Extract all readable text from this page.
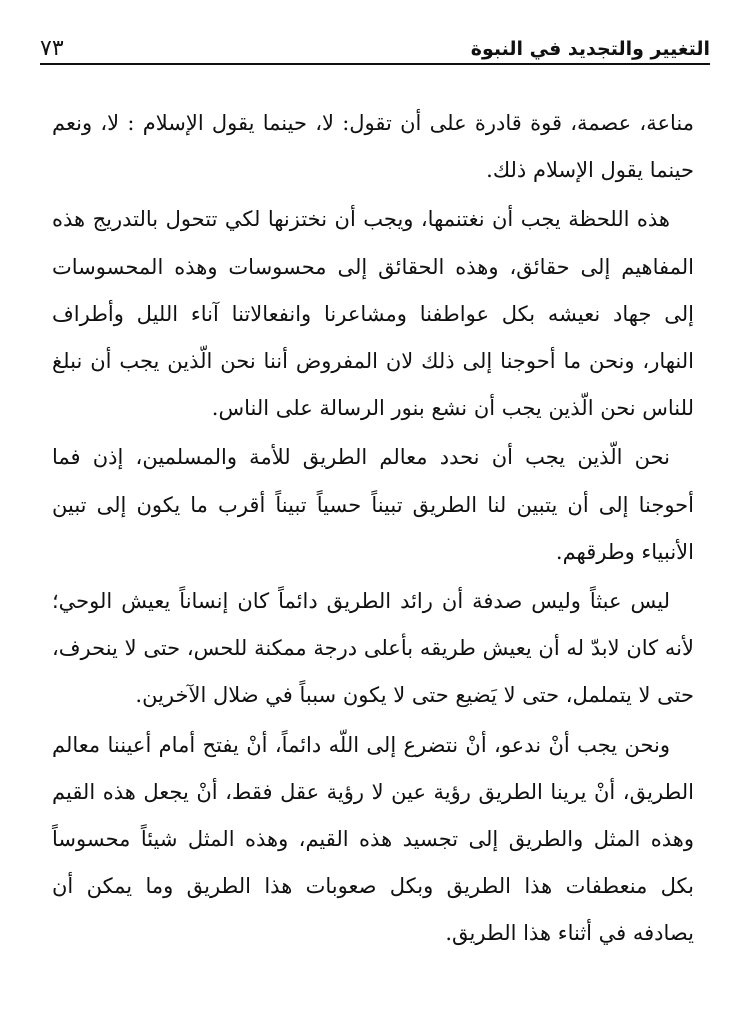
التغيير والتجديد في النبوة
٧٣

مناعة، عصمة، قوة قادرة على أن تقول: لا، حينما يقول الإسلام : لا، ونعم حينما يقول الإسلام ذلك.

هذه اللحظة يجب أن نغتنمها، ويجب أن نختزنها لكي تتحول بالتدريج هذه المفاهيم إلى حقائق، وهذه الحقائق إلى محسوسات وهذه المحسوسات إلى جهاد نعيشه بكل عواطفنا ومشاعرنا وانفعالاتنا آناء الليل وأطراف النهار، ونحن ما أحوجنا إلى ذلك لان المفروض أننا نحن الّذين يجب أن نبلغ للناس نحن الّذين يجب أن نشع بنور الرسالة على الناس.

نحن الّذين يجب أن نحدد معالم الطريق للأمة والمسلمين، إذن فما أحوجنا إلى أن يتبين لنا الطريق تبيناً حسياً تبيناً أقرب ما يكون إلى تبين الأنبياء وطرقهم.

ليس عبثاً وليس صدفة أن رائد الطريق دائماً كان إنساناً يعيش الوحي؛ لأنه كان لابدّ له أن يعيش طريقه بأعلى درجة ممكنة للحس، حتى لا ينحرف، حتى لا يتململ، حتى لا يَضيع حتى لا يكون سبباً في ضلال الآخرين.

ونحن يجب أنْ ندعو، أنْ نتضرع إلى اللّه دائماً، أنْ يفتح أمام أعيننا معالم الطريق، أنْ يرينا الطريق رؤية عين لا رؤية عقل فقط، أنْ يجعل هذه القيم وهذه المثل والطريق إلى تجسيد هذه القيم، وهذه المثل شيئاً محسوساً بكل منعطفات هذا الطريق وبكل صعوبات هذا الطريق وما يمكن أن يصادفه في أثناء هذا الطريق.
